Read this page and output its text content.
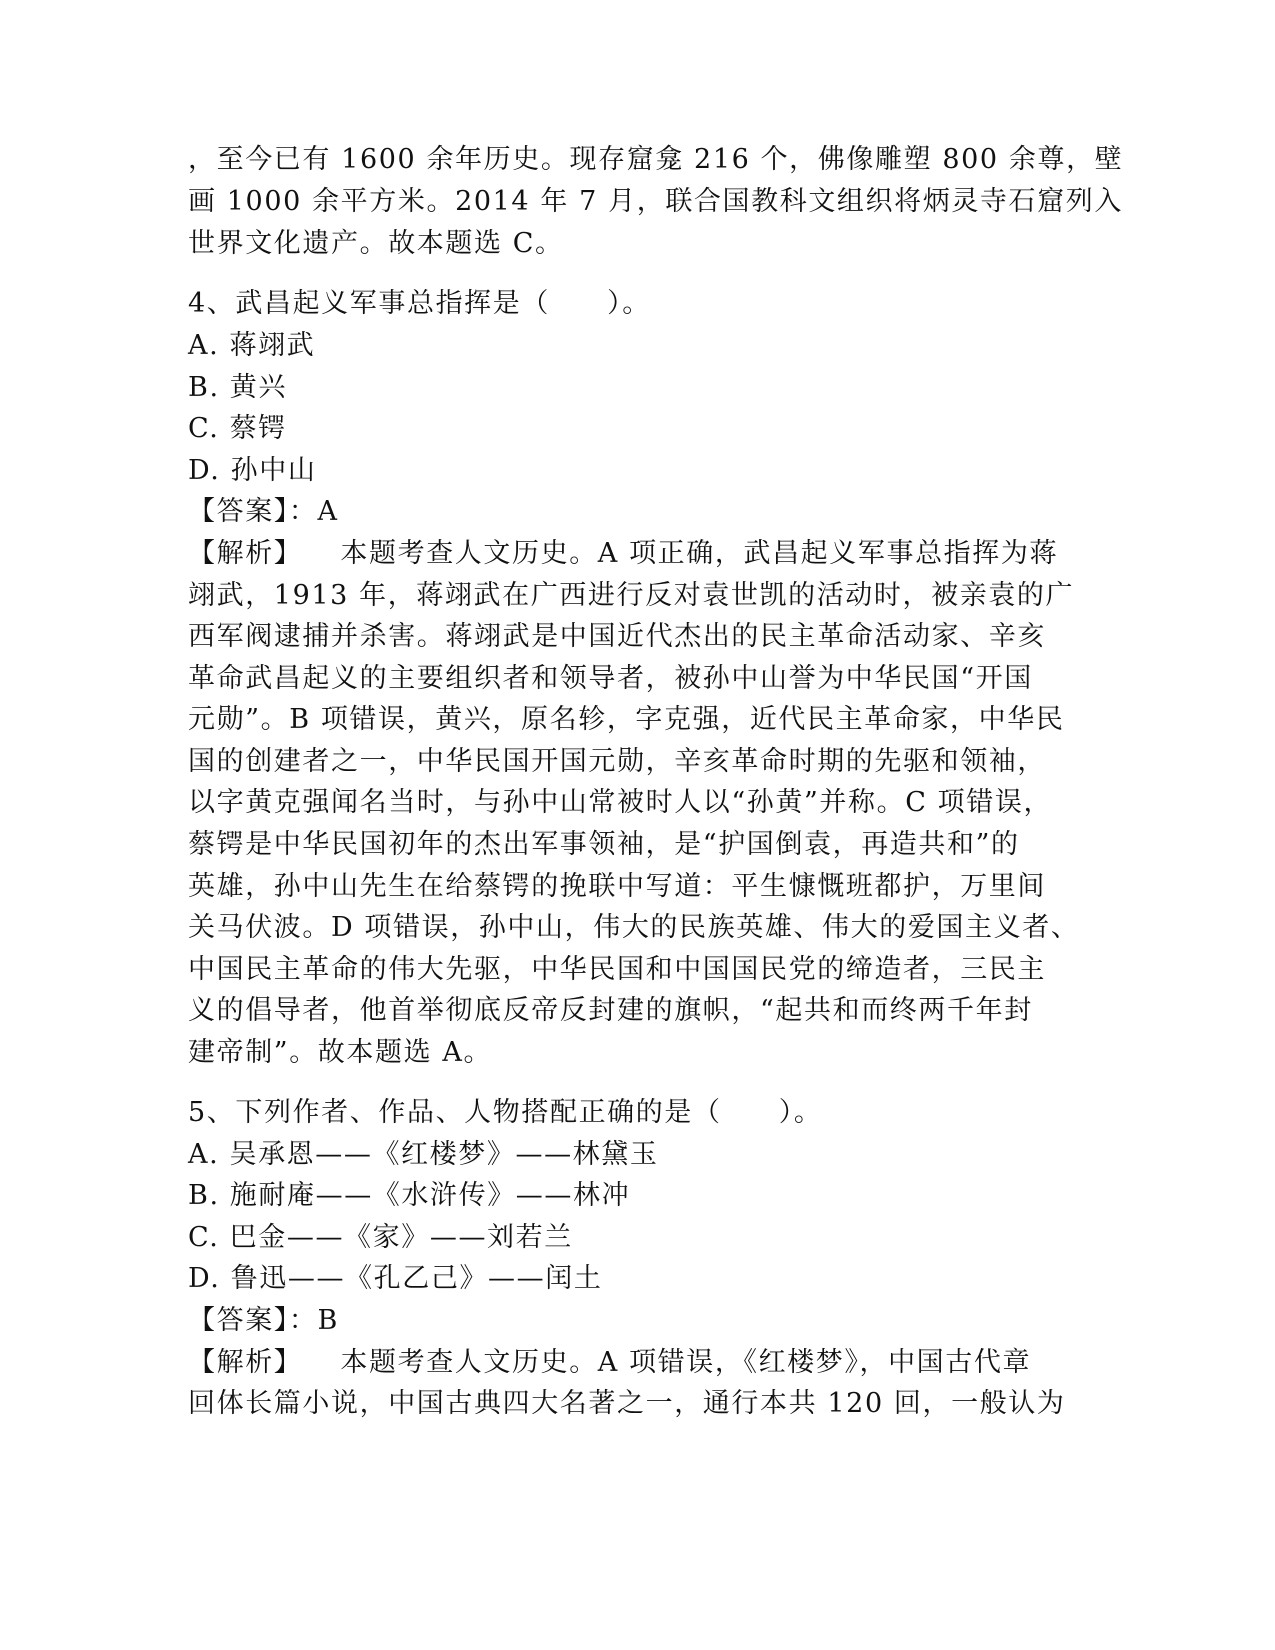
，至今已有 1600 余年历史。现存窟龛 216 个，佛像雕塑 800 余尊，壁
画 1000 余平方米。2014 年 7 月，联合国教科文组织将炳灵寺石窟列入
世界文化遗产。故本题选 C。
4、武昌起义军事总指挥是（　　）。
A. 蒋翊武
B. 黄兴
C. 蔡锷
D. 孙中山
【答案】：A
【解析】 本题考查人文历史。A 项正确，武昌起义军事总指挥为蒋
翊武，1913 年，蒋翊武在广西进行反对袁世凯的活动时，被亲袁的广
西军阀逮捕并杀害。蒋翊武是中国近代杰出的民主革命活动家、辛亥
革命武昌起义的主要组织者和领导者，被孙中山誉为中华民国“开国
元勋”。B 项错误，黄兴，原名轸，字克强，近代民主革命家，中华民
国的创建者之一，中华民国开国元勋，辛亥革命时期的先驱和领袖，
以字黄克强闻名当时，与孙中山常被时人以“孙黄”并称。C 项错误，
蔡锷是中华民国初年的杰出军事领袖，是“护国倒袁，再造共和”的
英雄，孙中山先生在给蔡锷的挽联中写道：平生慷慨班都护，万里间
关马伏波。D 项错误，孙中山，伟大的民族英雄、伟大的爱国主义者、
中国民主革命的伟大先驱，中华民国和中国国民党的缔造者，三民主
义的倡导者，他首举彻底反帝反封建的旗帜，“起共和而终两千年封
建帝制”。故本题选 A。
5、下列作者、作品、人物搭配正确的是（　　）。
A. 吴承恩——《红楼梦》——林黛玉
B. 施耐庵——《水浒传》——林冲
C. 巴金——《家》——刘若兰
D. 鲁迅——《孔乙己》——闰土
【答案】：B
【解析】 本题考查人文历史。A 项错误，《红楼梦》，中国古代章
回体长篇小说，中国古典四大名著之一，通行本共 120 回，一般认为
